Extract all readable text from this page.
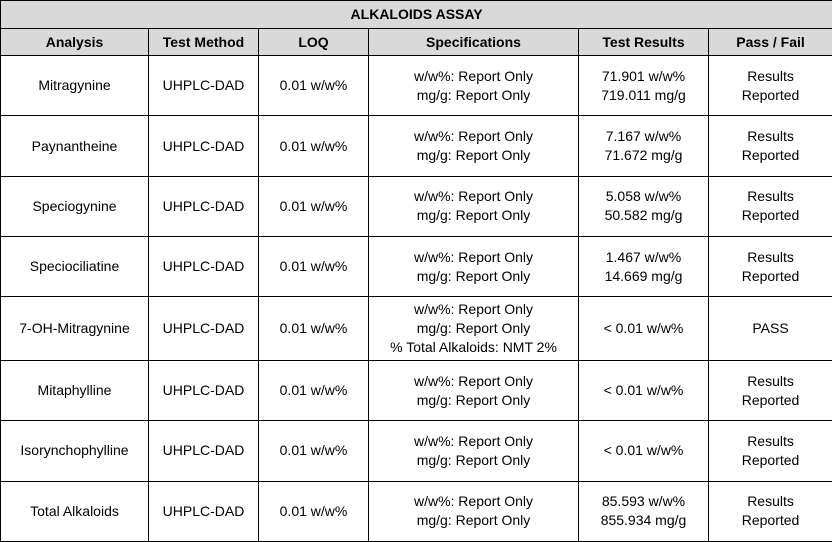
ALKALOIDS ASSAY					
Analysis	Test Method	LOQ	Specifications	Test Results	Pass / Fail
Mitragynine	UHPLC-DAD	0.01 w/w%	w/w%: Report Only
mg/g: Report Only	71.901 w/w%
719.011 mg/g	Results
Reported

Paynantheine	UHPLC-DAD	0.01 w/w%	w/w%: Report Only
mg/g: Report Only	7.167 w/w%
71.672 mg/g	Results
Reported

Speciogynine	UHPLC-DAD	0.01 w/w%	w/w%: Report Only
mg/g: Report Only	5.058 w/w%
50.582 mg/g	Results
Reported

Speciociliatine	UHPLC-DAD	0.01 w/w%	w/w%: Report Only
mg/g: Report Only	1.467 w/w%
14.669 mg/g	Results
Reported

7-OH-Mitragynine	UHPLC-DAD	0.01 w/w%	w/w%: Report Only
mg/g: Report Only
% Total Alkaloids: NMT 2%	< 0.01 w/w%	PASS

Mitaphylline	UHPLC-DAD	0.01 w/w%	w/w%: Report Only
mg/g: Report Only	< 0.01 w/w%	Results
Reported

Isorynchophylline	UHPLC-DAD	0.01 w/w%	w/w%: Report Only
mg/g: Report Only	< 0.01 w/w%	Results
Reported

Total Alkaloids	UHPLC-DAD	0.01 w/w%	w/w%: Report Only
mg/g: Report Only	85.593 w/w%
855.934 mg/g	Results
Reported
